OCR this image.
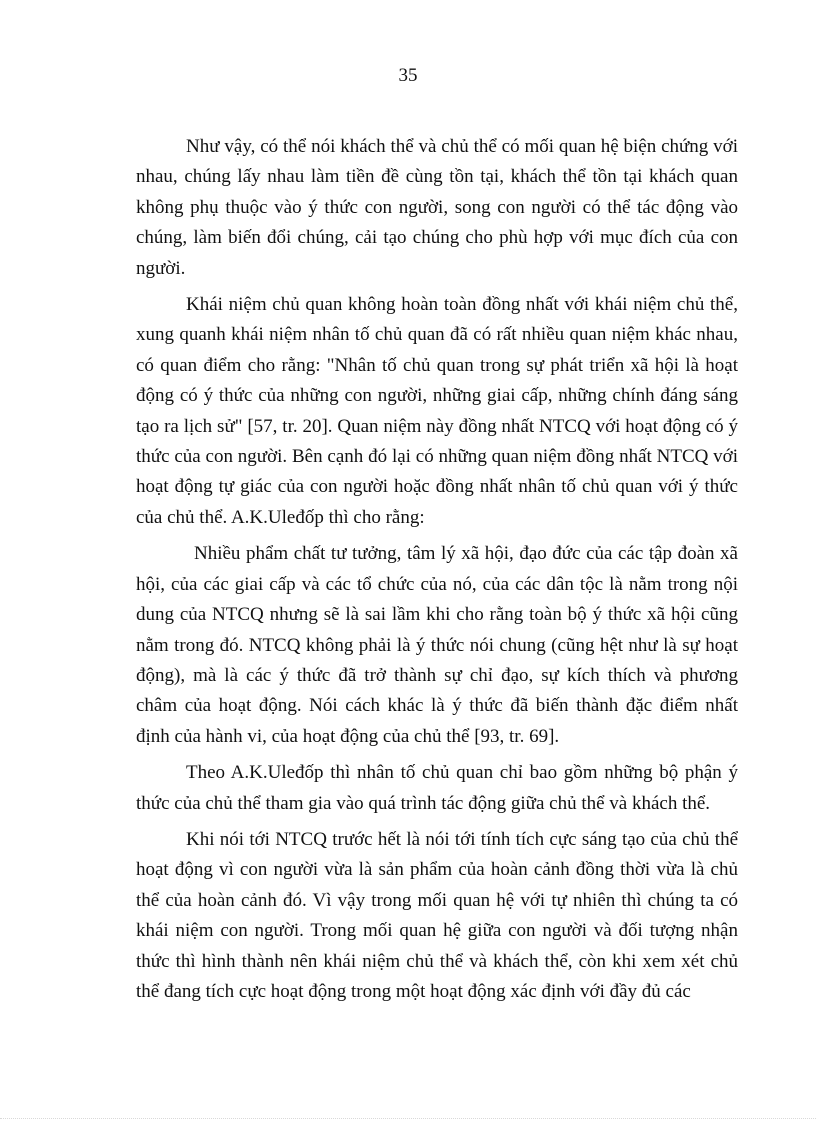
35

Như vậy, có thể nói khách thể và chủ thể có mối quan hệ biện chứng với nhau, chúng lấy nhau làm tiền đề cùng tồn tại, khách thể tồn tại khách quan không phụ thuộc vào ý thức con người, song con người có thể tác động vào chúng, làm biến đổi chúng, cải tạo chúng cho phù hợp với mục đích của con người.

Khái niệm chủ quan không hoàn toàn đồng nhất với khái niệm chủ thể, xung quanh khái niệm nhân tố chủ quan đã có rất nhiều quan niệm khác nhau, có quan điểm cho rằng: "Nhân tố chủ quan trong sự phát triển xã hội là hoạt động có ý thức của những con người, những giai cấp, những chính đáng sáng tạo ra lịch sử" [57, tr. 20]. Quan niệm này đồng nhất NTCQ với hoạt động có ý thức của con người. Bên cạnh đó lại có những quan niệm đồng nhất NTCQ với hoạt động tự giác của con người hoặc đồng nhất nhân tố chủ quan với ý thức của chủ thể. A.K.Uleđốp thì cho rằng:

Nhiều phẩm chất tư tưởng, tâm lý xã hội, đạo đức của các tập đoàn xã
hội, của các giai cấp và các tổ chức của nó, của các dân tộc là nằm trong nội
dung của NTCQ nhưng sẽ là sai lầm khi cho rằng toàn bộ ý thức xã hội cũng
nằm trong đó. NTCQ không phải là ý thức nói chung (cũng hệt như là sự hoạt
động), mà là các ý thức đã trở thành sự chỉ đạo, sự kích thích và phương
châm của hoạt động. Nói cách khác là ý thức đã biến thành đặc điểm nhất
định của hành vi, của hoạt động của chủ thể [93, tr. 69].

Theo A.K.Uleđốp thì nhân tố chủ quan chỉ bao gồm những bộ phận ý thức của chủ thể tham gia vào quá trình tác động giữa chủ thể và khách thể.

Khi nói tới NTCQ trước hết là nói tới tính tích cực sáng tạo của chủ thể hoạt động vì con người vừa là sản phẩm của hoàn cảnh đồng thời vừa là chủ thể của hoàn cảnh đó. Vì vậy trong mối quan hệ với tự nhiên thì chúng ta có khái niệm con người. Trong mối quan hệ giữa con người và đối tượng nhận thức thì hình thành nên khái niệm chủ thể và khách thể, còn khi xem xét chủ thể đang tích cực hoạt động trong một hoạt động xác định với đầy đủ các
